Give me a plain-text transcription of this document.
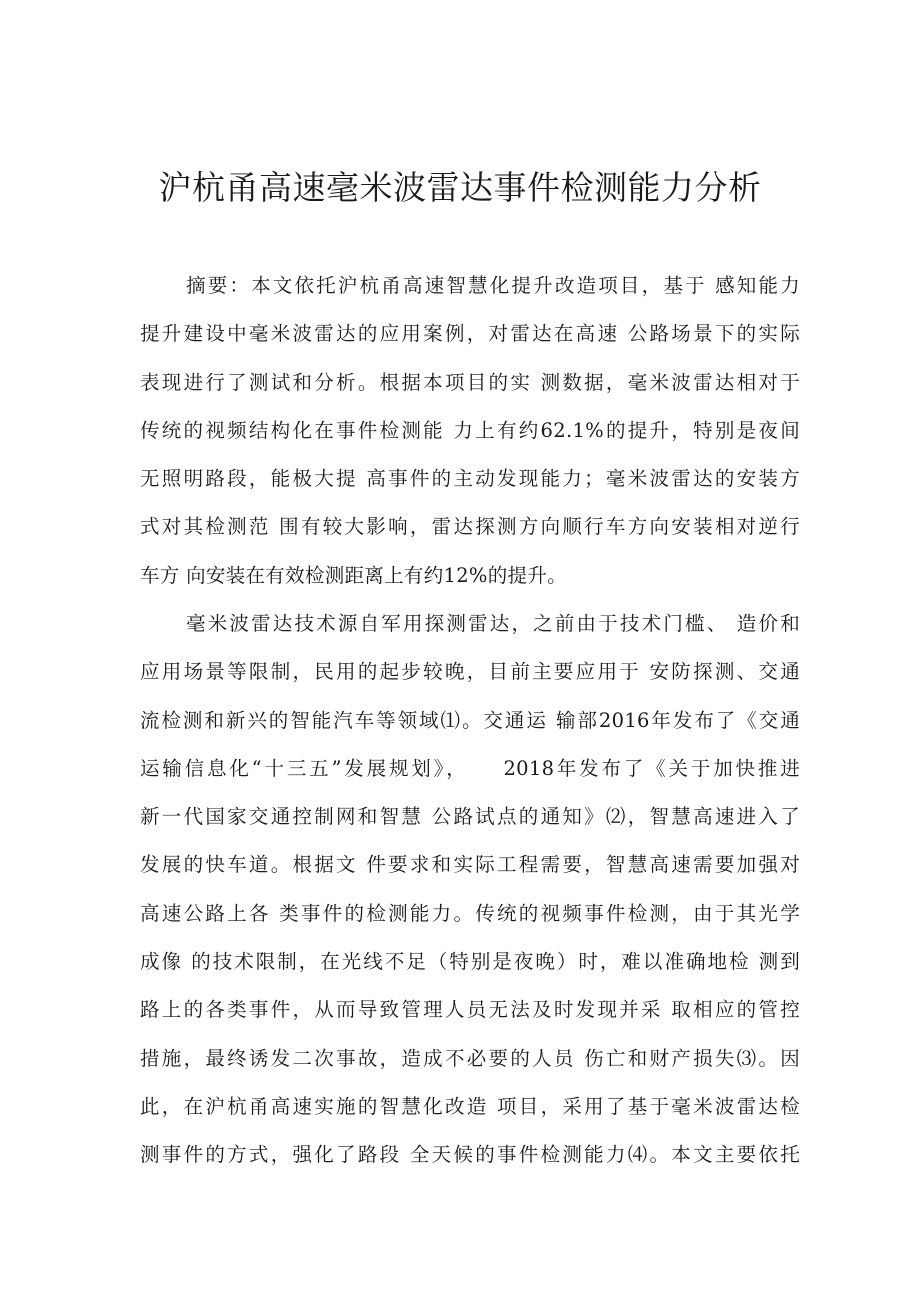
沪杭甬高速毫米波雷达事件检测能力分析

摘要：本文依托沪杭甬高速智慧化提升改造项目，基于 感知能力
提升建设中毫米波雷达的应用案例，对雷达在高速 公路场景下的实际
表现进行了测试和分析。根据本项目的实 测数据，毫米波雷达相对于
传统的视频结构化在事件检测能 力上有约62.1%的提升，特别是夜间
无照明路段，能极大提 高事件的主动发现能力；毫米波雷达的安装方
式对其检测范 围有较大影响，雷达探测方向顺行车方向安装相对逆行
车方 向安装在有效检测距离上有约12%的提升。

毫米波雷达技术源自军用探测雷达，之前由于技术门槛、 造价和
应用场景等限制，民用的起步较晚，目前主要应用于 安防探测、交通
流检测和新兴的智能汽车等领域⑴。交通运 输部2016年发布了《交通
运输信息化“十三五”发展规划》，　　2018年发布了《关于加快推进
新一代国家交通控制网和智慧 公路试点的通知》⑵，智慧高速进入了
发展的快车道。根据文 件要求和实际工程需要，智慧高速需要加强对
高速公路上各 类事件的检测能力。传统的视频事件检测，由于其光学
成像 的技术限制，在光线不足（特别是夜晚）时，难以准确地检 测到
路上的各类事件，从而导致管理人员无法及时发现并采 取相应的管控
措施，最终诱发二次事故，造成不必要的人员 伤亡和财产损失⑶。因
此，在沪杭甬高速实施的智慧化改造 项目，采用了基于毫米波雷达检
测事件的方式，强化了路段 全天候的事件检测能力⑷。本文主要依托
